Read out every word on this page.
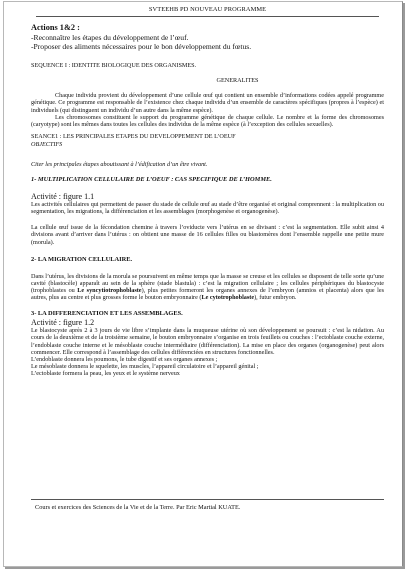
SVTEEHB PD NOUVEAU PROGRAMME
Actions 1&2 :
-Reconnaître les étapes du développement de l’œuf.
-Proposer des aliments nécessaires pour le bon développement du fœtus.
SEQUENCE I : IDENTITE BIOLOGIQUE DES ORGANISMES.
GENERALITES

Chaque individu provient du développement d’une cellule œuf qui contient un ensemble d’informations codées appelé programme génétique. Ce programme est responsable de l’existence chez chaque individu d’un ensemble de caractères spécifiques (propres à l’espèce) et individuels (qui distinguent un individu d’un autre dans la même espèce).

Les chromosomes constituent le support du programme génétique de chaque cellule. Le nombre et la forme des chromosomes (caryotype) sont les mêmes dans toutes les cellules des individus de la même espèce (à l’exception des cellules sexuelles).

SEANCE1 : LES PRINCIPALES ETAPES DU DEVELOPPEMENT DE L’OEUF
OBJECTIFS
Citer les principales étapes aboutissant à l’édification d’un être vivant.
1- MULTIPLICATION CELLULAIRE DE L’OEUF : CAS SPECIFIQUE DE L’HOMME.
Activité : figure 1.1

Les activités cellulaires qui permettent de passer du stade de cellule œuf au stade d’être organisé et original comprennent : la multiplication ou segmentation, les migrations, la différenciation et les assemblages (morphogenèse et organogenèse).

La cellule œuf issue de la fécondation chemine à travers l’oviducte vers l’utérus en se divisant : c’est la segmentation. Elle subit ainsi 4 divisions avant d’arriver dans l’utérus : on obtient une masse de 16 cellules filles ou blastomères dont l’ensemble rappelle une petite mure (morula).

2- LA MIGRATION CELLULAIRE.

Dans l’utérus, les divisions de la morula se poursuivent en même temps que la masse se creuse et les cellules se disposent de telle sorte qu’une cavité (blastocèle) apparaît au sein de la sphère (stade blastula) : c’est la migration cellulaire ; les cellules périphériques du blastocyste (trophoblastes ou Le syncytiotrophoblaste), plus petites formeront les organes annexes de l’embryon (amnios et placenta) alors que les autres, plus au centre et plus grosses forme le bouton embryonnaire (Le cytotrophoblaste), futur embryon.

3- LA DIFFERENCIATION ET LES ASSEMBLAGES.
Activité : figure 1.2

Le blastocyste après 2 à 3 jours de vie libre s’implante dans la muqueuse utérine où son développement se poursuit : c’est la nidation. Au cours de la deuxième et de la troisième semaine, le bouton embryonnaire s’organise en trois feuillets ou couches : l’ectoblaste couche externe, l’endoblaste couche interne et le mésoblaste couche intermédiaire (différenciation). La mise en place des organes (organogenèse) peut alors commencer. Elle correspond à l’assemblage des cellules différenciées en structures fonctionnelles.

L’endoblaste donnera les poumons, le tube digestif et ses organes annexes ;

Le mésoblaste donnera le squelette, les muscles, l’appareil circulatoire et l’appareil génital ;

L’ectoblaste formera la peau, les yeux et le système nerveux

Cours et exercices des Sciences de la Vie et de la Terre. Par Eric Martial KUATE.
